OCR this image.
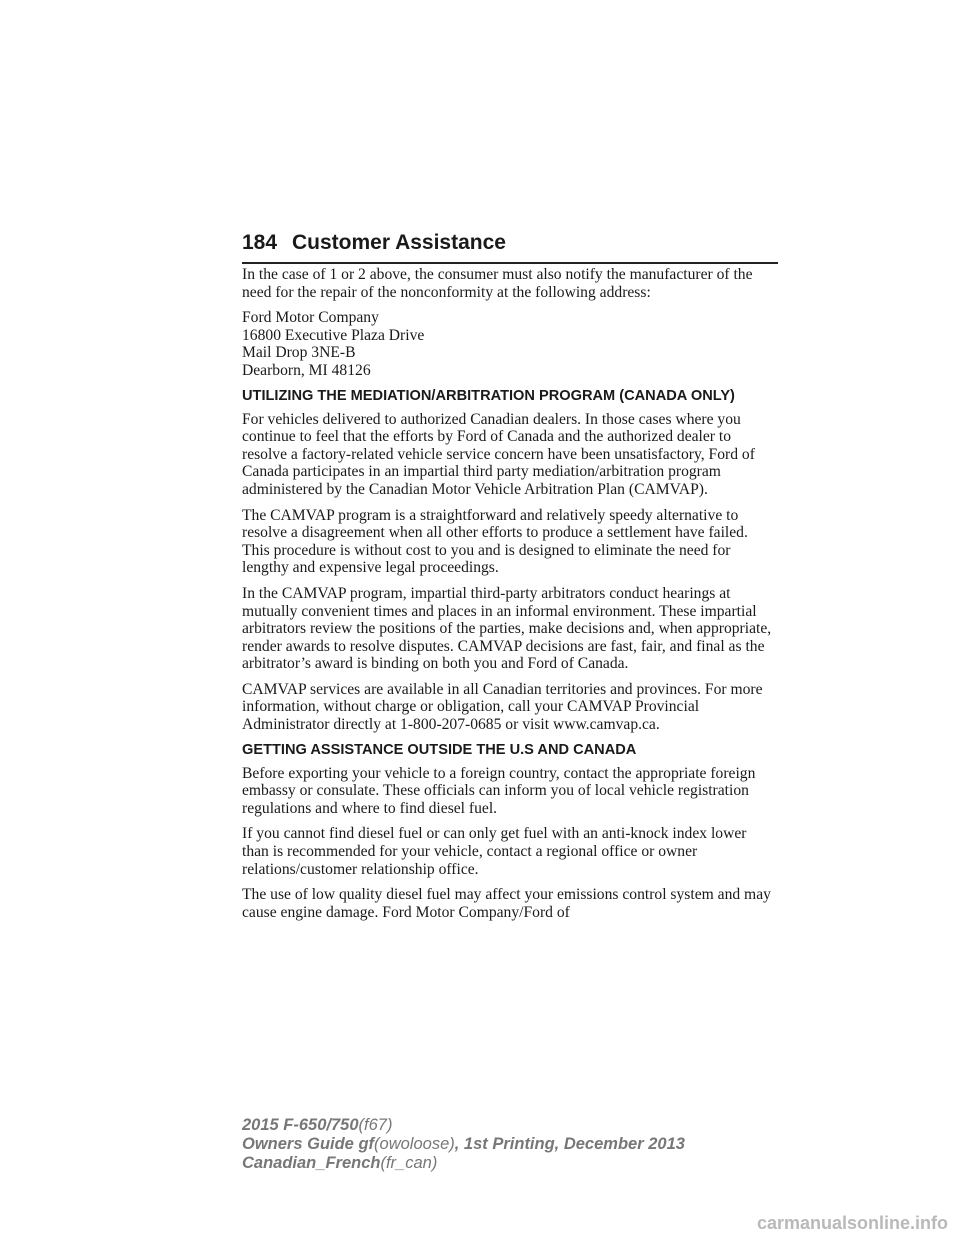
184 Customer Assistance

In the case of 1 or 2 above, the consumer must also notify the manufacturer of the need for the repair of the nonconformity at the following address:

Ford Motor Company
16800 Executive Plaza Drive
Mail Drop 3NE-B
Dearborn, MI 48126
UTILIZING THE MEDIATION/ARBITRATION PROGRAM (CANADA ONLY)

For vehicles delivered to authorized Canadian dealers. In those cases where you continue to feel that the efforts by Ford of Canada and the authorized dealer to resolve a factory-related vehicle service concern have been unsatisfactory, Ford of Canada participates in an impartial third party mediation/arbitration program administered by the Canadian Motor Vehicle Arbitration Plan (CAMVAP).

The CAMVAP program is a straightforward and relatively speedy alternative to resolve a disagreement when all other efforts to produce a settlement have failed. This procedure is without cost to you and is designed to eliminate the need for lengthy and expensive legal proceedings.

In the CAMVAP program, impartial third-party arbitrators conduct hearings at mutually convenient times and places in an informal environment. These impartial arbitrators review the positions of the parties, make decisions and, when appropriate, render awards to resolve disputes. CAMVAP decisions are fast, fair, and final as the arbitrator’s award is binding on both you and Ford of Canada.

CAMVAP services are available in all Canadian territories and provinces. For more information, without charge or obligation, call your CAMVAP Provincial Administrator directly at 1-800-207-0685 or visit www.camvap.ca.

GETTING ASSISTANCE OUTSIDE THE U.S AND CANADA

Before exporting your vehicle to a foreign country, contact the appropriate foreign embassy or consulate. These officials can inform you of local vehicle registration regulations and where to find diesel fuel.

If you cannot find diesel fuel or can only get fuel with an anti-knock index lower than is recommended for your vehicle, contact a regional office or owner relations/customer relationship office.

The use of low quality diesel fuel may affect your emissions control system and may cause engine damage. Ford Motor Company/Ford of

2015 F-650/750(f67)
Owners Guide gf(owoloose), 1st Printing, December 2013
Canadian_French(fr_can)
carmanualsonline.info
